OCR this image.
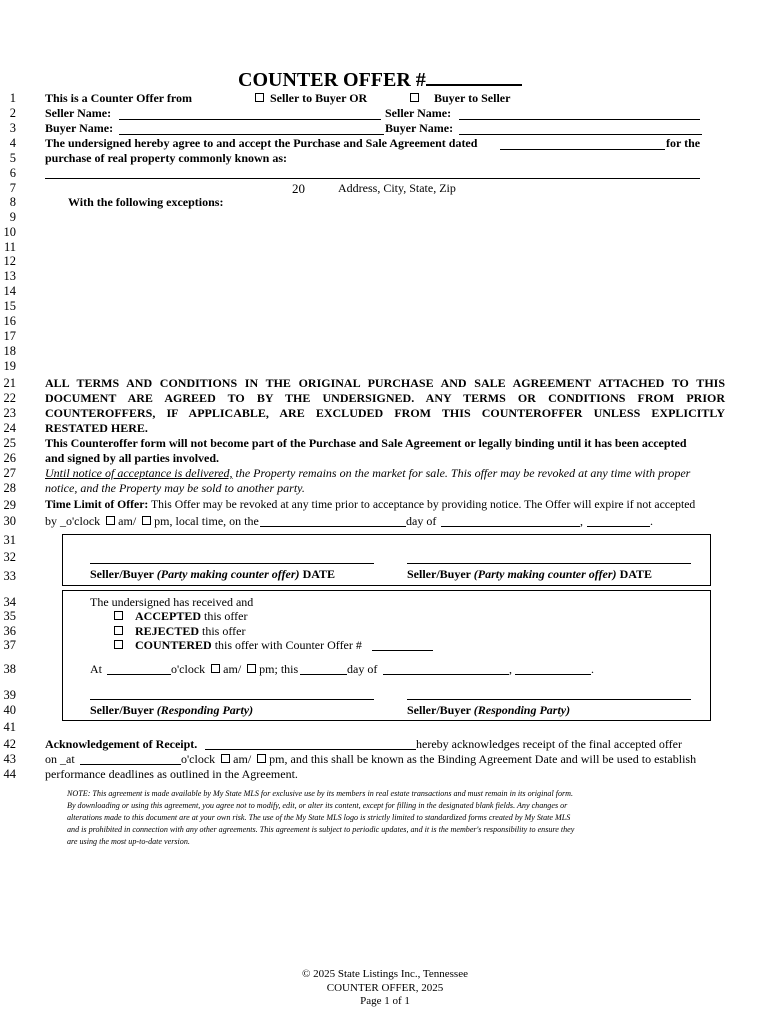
COUNTER OFFER #
1
2
3
4
5
6
7
8
9
10
11
12
13
14
15
16
17
18
19
21
22
23
24
25
26
27
28
29
30
31
32
33
34
35
36
37
38
39
40
41
42
43
44
This is a Counter Offer from	Seller to Buyer OR	Buyer to Seller
Seller Name:	Seller Name:
Buyer Name:	Buyer Name:
The undersigned hereby agree to and accept the Purchase and Sale Agreement dated	for the
purchase of real property commonly known as:
20	Address, City, State, Zip
With the following exceptions:
ALL TERMS AND CONDITIONS IN THE ORIGINAL PURCHASE AND SALE AGREEMENT ATTACHED TO THIS
DOCUMENT ARE AGREED TO BY THE UNDERSIGNED. ANY TERMS OR CONDITIONS FROM PRIOR
COUNTEROFFERS, IF APPLICABLE, ARE EXCLUDED FROM THIS COUNTEROFFER UNLESS EXPLICITLY
RESTATED HERE.
This Counteroffer form will not become part of the Purchase and Sale Agreement or legally binding until it has been accepted
and signed by all parties involved.
Until notice of acceptance is delivered, the Property remains on the market for sale. This offer may be revoked at any time with proper
notice, and the Property may be sold to another party.
Time Limit of Offer: This Offer may be revoked at any time prior to acceptance by providing notice. The Offer will expire if not accepted
by _o'clock am/ pm, local time, on the	day of	,	.
Seller/Buyer (Party making counter offer) DATE	Seller/Buyer (Party making counter offer) DATE
The undersigned has received and
ACCEPTED this offer
REJECTED this offer
COUNTERED this offer with Counter Offer #
At	o'clock am/ pm; this	day of	,	.
Seller/Buyer (Responding Party)	Seller/Buyer (Responding Party)
Acknowledgement of Receipt.	hereby acknowledges receipt of the final accepted offer
on _at	o'clock am/ pm, and this shall be known as the Binding Agreement Date and will be used to establish
performance deadlines as outlined in the Agreement.
NOTE: This agreement is made available by My State MLS for exclusive use by its members in real estate transactions and must remain in its original form.
By downloading or using this agreement, you agree not to modify, edit, or alter its content, except for filling in the designated blank fields. Any changes or
alterations made to this document are at your own risk. The use of the My State MLS logo is strictly limited to standardized forms created by My State MLS
and is prohibited in connection with any other agreements. This agreement is subject to periodic updates, and it is the member's responsibility to ensure they
are using the most up-to-date version.
© 2025 State Listings Inc., Tennessee
COUNTER OFFER, 2025
Page 1 of 1
